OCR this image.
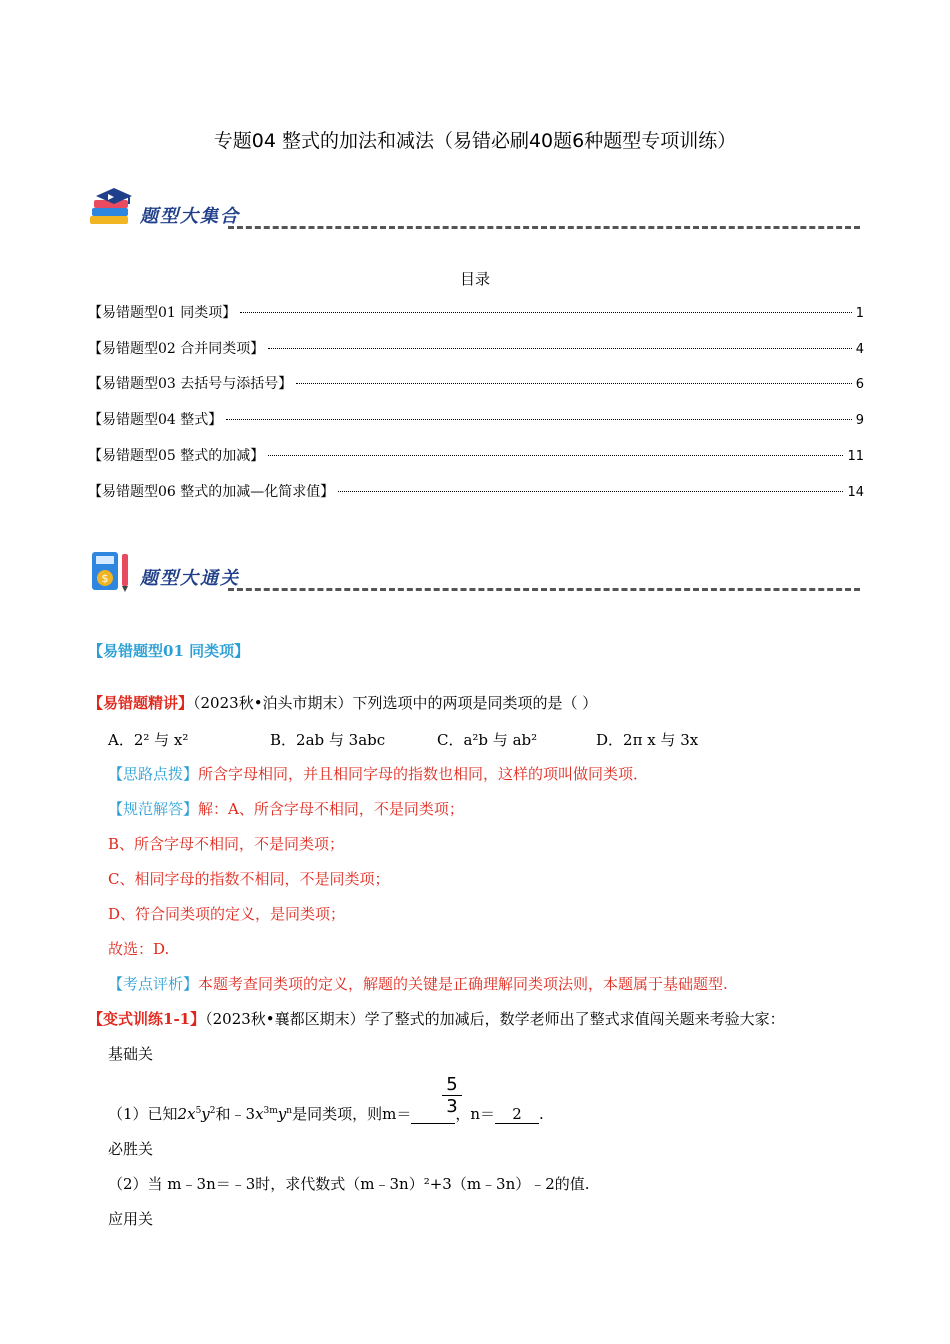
专题04 整式的加法和减法（易错必刷40题6种题型专项训练）
题型大集合
目录
【易错题型01 同类项】	1
【易错题型02 合并同类项】	4
【易错题型03 去括号与添括号】	6
【易错题型04 整式】	9
【易错题型05 整式的加减】	11
【易错题型06 整式的加减—化简求值】	14
$ 题型大通关
【易错题型01 同类项】
【易错题精讲】（2023秋•泊头市期末）下列选项中的两项是同类项的是（ ）
A．2² 与 x²	B．2ab 与 3abc	C．a²b 与 ab²	D．2π x 与 3x
【思路点拨】所含字母相同，并且相同字母的指数也相同，这样的项叫做同类项．
【规范解答】解：A、所含字母不相同，不是同类项；
B、所含字母不相同，不是同类项；
C、相同字母的指数不相同，不是同类项；
D、符合同类项的定义，是同类项；
故选：D.
【考点评析】本题考查同类项的定义，解题的关键是正确理解同类项法则，本题属于基础题型.
【变式训练1-1】（2023秋•襄都区期末）学了整式的加减后，数学老师出了整式求值闯关题来考验大家：
基础关
（1）已知$2x^5y^2$和$﹣3x^{3m}y^n$是同类项，则m＝	，n＝ 2 .
$\frac{5}{3}$
必胜关
（2）当 m﹣3n＝﹣3时，求代数式（m﹣3n）²+3（m﹣3n）﹣2的值.
应用关
